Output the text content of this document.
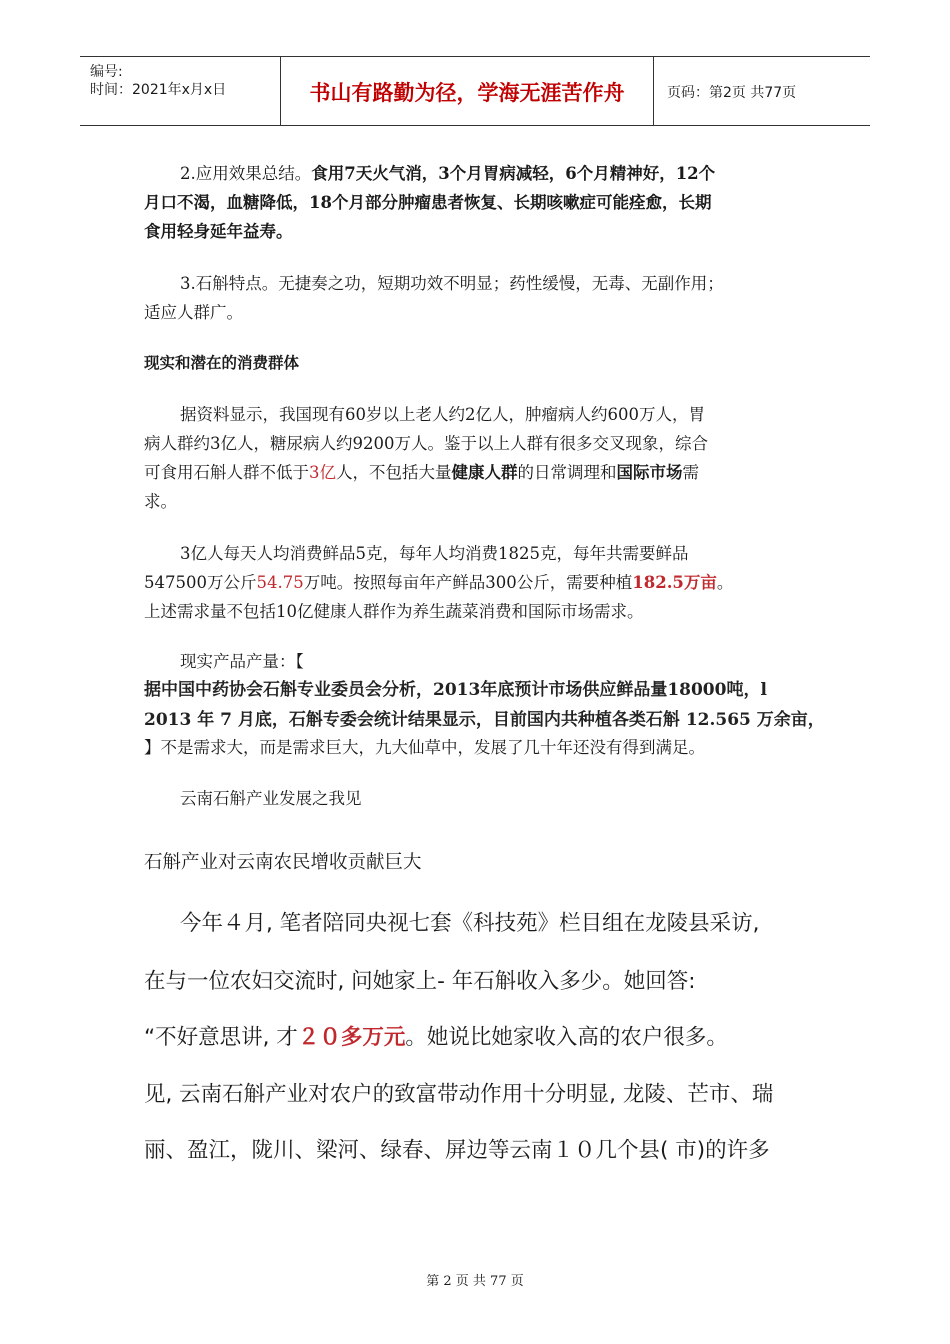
编号:
时间：2021年x月x日	书山有路勤为径，学海无涯苦作舟	页码：第2页 共77页
2.应用效果总结。食用7天火气消，3个月胃病减轻，6个月精神好，12个
月口不渴，血糖降低，18个月部分肿瘤患者恢复、长期咳嗽症可能痊愈，长期
食用轻身延年益寿。
3.石斛特点。无捷奏之功，短期功效不明显；药性缓慢，无毒、无副作用；
适应人群广。
现实和潜在的消费群体
据资料显示，我国现有60岁以上老人约2亿人，肿瘤病人约600万人，胃
病人群约3亿人，糖尿病人约9200万人。鉴于以上人群有很多交叉现象，综合
可食用石斛人群不低于3亿人，不包括大量健康人群的日常调理和国际市场需
求。
3亿人每天人均消费鲜品5克，每年人均消费1825克，每年共需要鲜品
547500万公斤54.75万吨。按照每亩年产鲜品300公斤，需要种植182.5万亩。
上述需求量不包括10亿健康人群作为养生蔬菜消费和国际市场需求。
现实产品产量：【
据中国中药协会石斛专业委员会分析，2013年底预计市场供应鲜品量18000吨，l
2013 年 7 月底，石斛专委会统计结果显示，目前国内共种植各类石斛 12.565 万余亩，
】不是需求大，而是需求巨大，九大仙草中，发展了几十年还没有得到满足。
云南石斛产业发展之我见
石斛产业对云南农民增收贡献巨大
今年４月, 笔者陪同央视七套《科技苑》栏目组在龙陵县采访,
在与一位农妇交流时, 问她家上- 年石斛收入多少。她回答:
“不好意思讲, 才２０多万元。她说比她家收入高的农户很多。
见, 云南石斛产业对农户的致富带动作用十分明显, 龙陵、芒市、瑞
丽、盈江，陇川、梁河、绿春、屏边等云南１０几个县( 市)的许多
第 2 页 共 77 页
